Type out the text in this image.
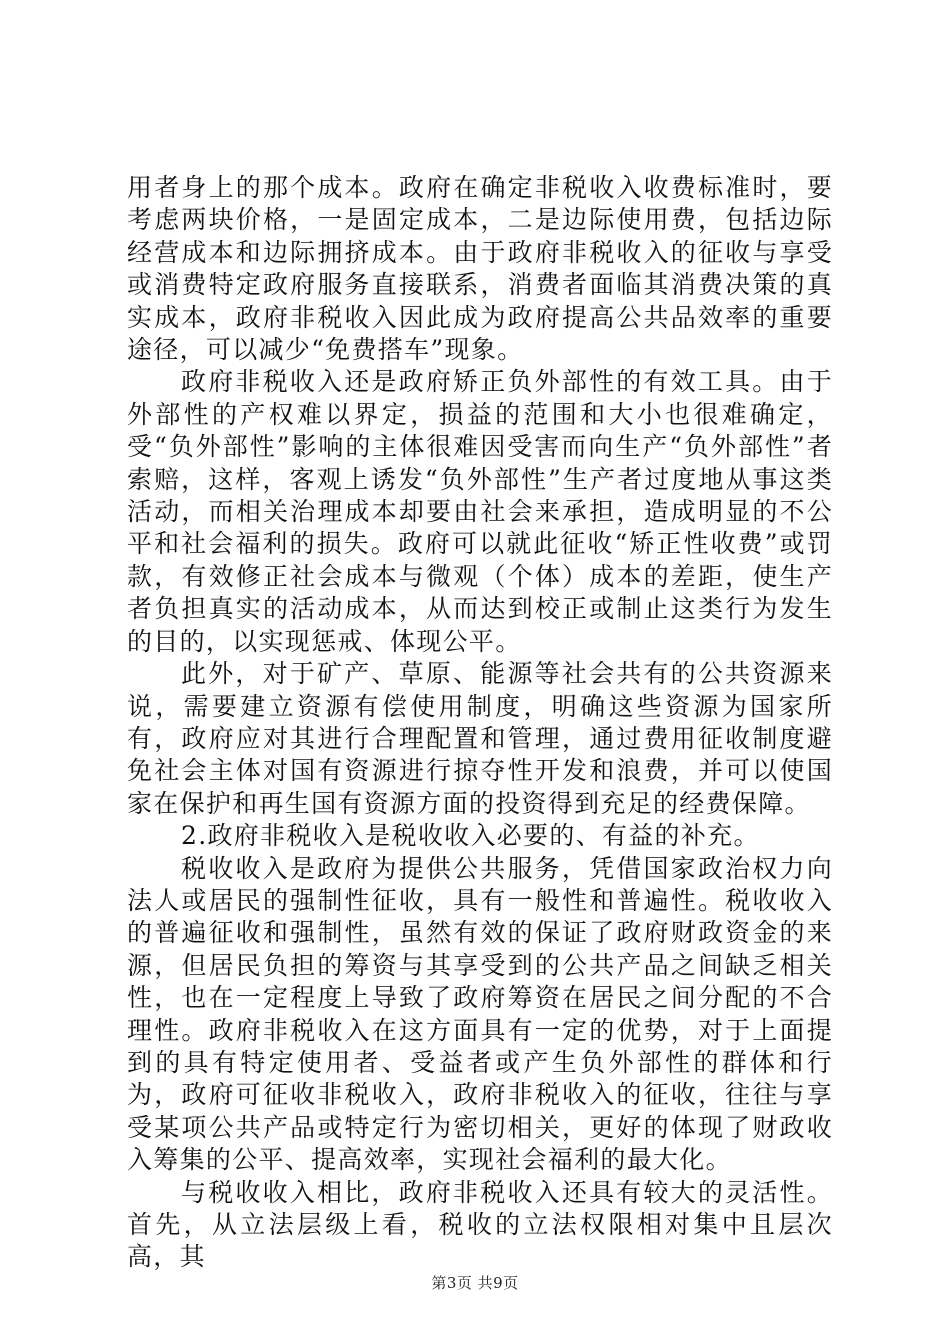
用者身上的那个成本。政府在确定非税收入收费标准时，要考虑两块价格，一是固定成本，二是边际使用费，包括边际经营成本和边际拥挤成本。由于政府非税收入的征收与享受或消费特定政府服务直接联系，消费者面临其消费决策的真实成本，政府非税收入因此成为政府提高公共品效率的重要途径，可以减少“免费搭车”现象。

政府非税收入还是政府矫正负外部性的有效工具。由于外部性的产权难以界定，损益的范围和大小也很难确定，受“负外部性”影响的主体很难因受害而向生产“负外部性”者索赔，这样，客观上诱发“负外部性”生产者过度地从事这类活动，而相关治理成本却要由社会来承担，造成明显的不公平和社会福利的损失。政府可以就此征收“矫正性收费”或罚款，有效修正社会成本与微观（个体）成本的差距，使生产者负担真实的活动成本，从而达到校正或制止这类行为发生的目的，以实现惩戒、体现公平。

此外，对于矿产、草原、能源等社会共有的公共资源来说，需要建立资源有偿使用制度，明确这些资源为国家所有，政府应对其进行合理配置和管理，通过费用征收制度避免社会主体对国有资源进行掠夺性开发和浪费，并可以使国家在保护和再生国有资源方面的投资得到充足的经费保障。

2.政府非税收入是税收收入必要的、有益的补充。

税收收入是政府为提供公共服务，凭借国家政治权力向法人或居民的强制性征收，具有一般性和普遍性。税收收入的普遍征收和强制性，虽然有效的保证了政府财政资金的来源，但居民负担的筹资与其享受到的公共产品之间缺乏相关性，也在一定程度上导致了政府筹资在居民之间分配的不合理性。政府非税收入在这方面具有一定的优势，对于上面提到的具有特定使用者、受益者或产生负外部性的群体和行为，政府可征收非税收入，政府非税收入的征收，往往与享受某项公共产品或特定行为密切相关，更好的体现了财政收入筹集的公平、提高效率，实现社会福利的最大化。

与税收收入相比，政府非税收入还具有较大的灵活性。首先，从立法层级上看，税收的立法权限相对集中且层次高，其

第3页 共9页
